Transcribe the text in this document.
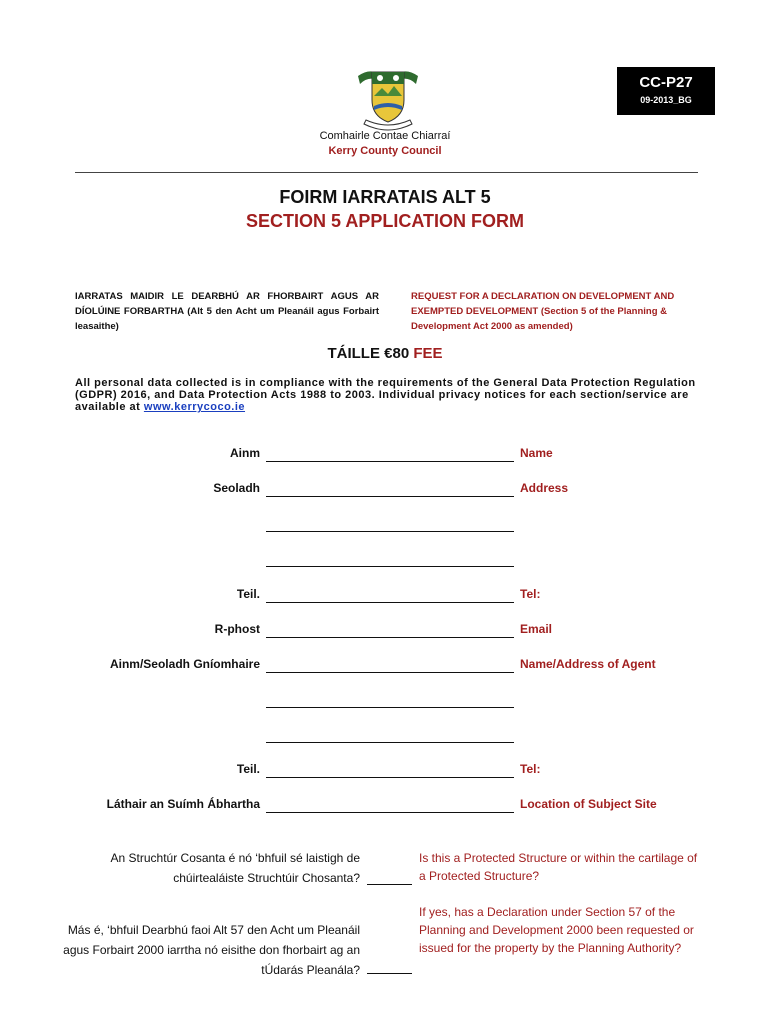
CC-P27
09-2013_BG
Comhairle Contae Chiarraí
Kerry County Council
FOIRM IARRATAIS ALT 5
SECTION 5 APPLICATION FORM
IARRATAS MAIDIR LE DEARBHÚ AR FHORBAIRT AGUS AR DÍOLÚINE FORBARTHA (Alt 5 den Acht um Pleanáil agus Forbairt leasaithe)
REQUEST FOR A DECLARATION ON DEVELOPMENT AND EXEMPTED DEVELOPMENT (Section 5 of the Planning & Development Act 2000 as amended)
TÁILLE €80 FEE
All personal data collected is in compliance with the requirements of the General Data Protection Regulation (GDPR) 2016, and Data Protection Acts 1988 to 2003. Individual privacy notices for each section/service are available at www.kerrycoco.ie
Ainm	Name
Seoladh	Address
Teil.	Tel:
R-phost	Email
Ainm/Seoladh Gníomhaire	Name/Address of Agent
Teil.	Tel:
Láthair an Suímh Ábhartha	Location of Subject Site
An Struchtúr Cosanta é nó ‘bhfuil sé laistigh de chúirtealáiste Struchtúir Chosanta?
Is this a Protected Structure or within the cartilage of a Protected Structure?
Más é, ‘bhfuil Dearbhú faoi Alt 57 den Acht um Pleanáil agus Forbairt 2000 iarrtha nó eisithe don fhorbairt ag an tÚdarás Pleanála?
If yes, has a Declaration under Section 57 of the Planning and Development 2000 been requested or issued for the property by the Planning Authority?
